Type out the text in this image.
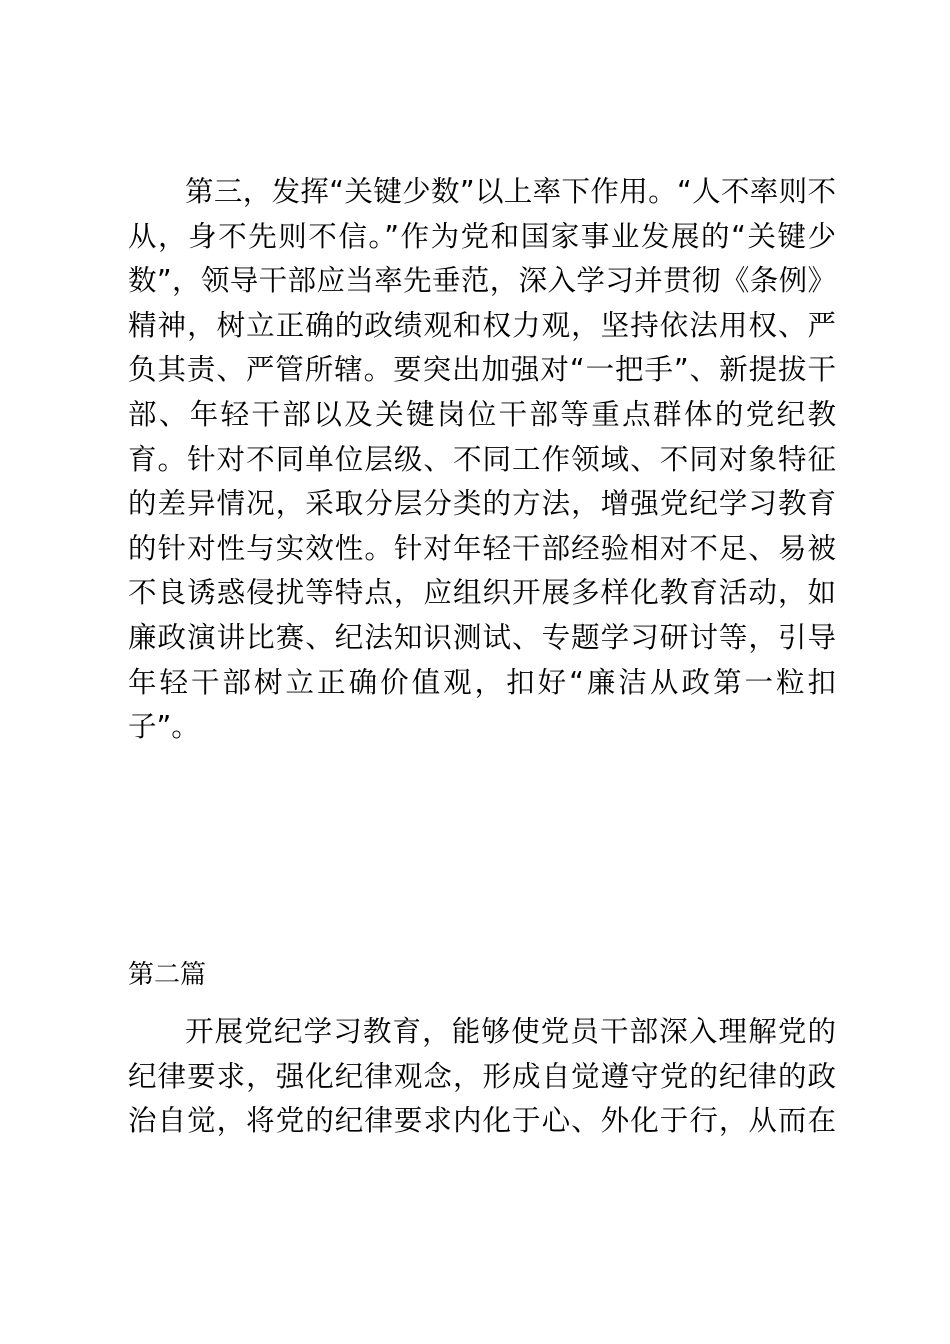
第三，发挥“关键少数”以上率下作用。“人不率则不
从，身不先则不信。”作为党和国家事业发展的“关键少
数”，领导干部应当率先垂范，深入学习并贯彻《条例》
精神，树立正确的政绩观和权力观，坚持依法用权、严
负其责、严管所辖。要突出加强对“一把手”、新提拔干
部、年轻干部以及关键岗位干部等重点群体的党纪教
育。针对不同单位层级、不同工作领域、不同对象特征
的差异情况，采取分层分类的方法，增强党纪学习教育
的针对性与实效性。针对年轻干部经验相对不足、易被
不良诱惑侵扰等特点，应组织开展多样化教育活动，如
廉政演讲比赛、纪法知识测试、专题学习研讨等，引导
年轻干部树立正确价值观，扣好“廉洁从政第一粒扣
子”。
第二篇
开展党纪学习教育，能够使党员干部深入理解党的
纪律要求，强化纪律观念，形成自觉遵守党的纪律的政
治自觉，将党的纪律要求内化于心、外化于行，从而在
